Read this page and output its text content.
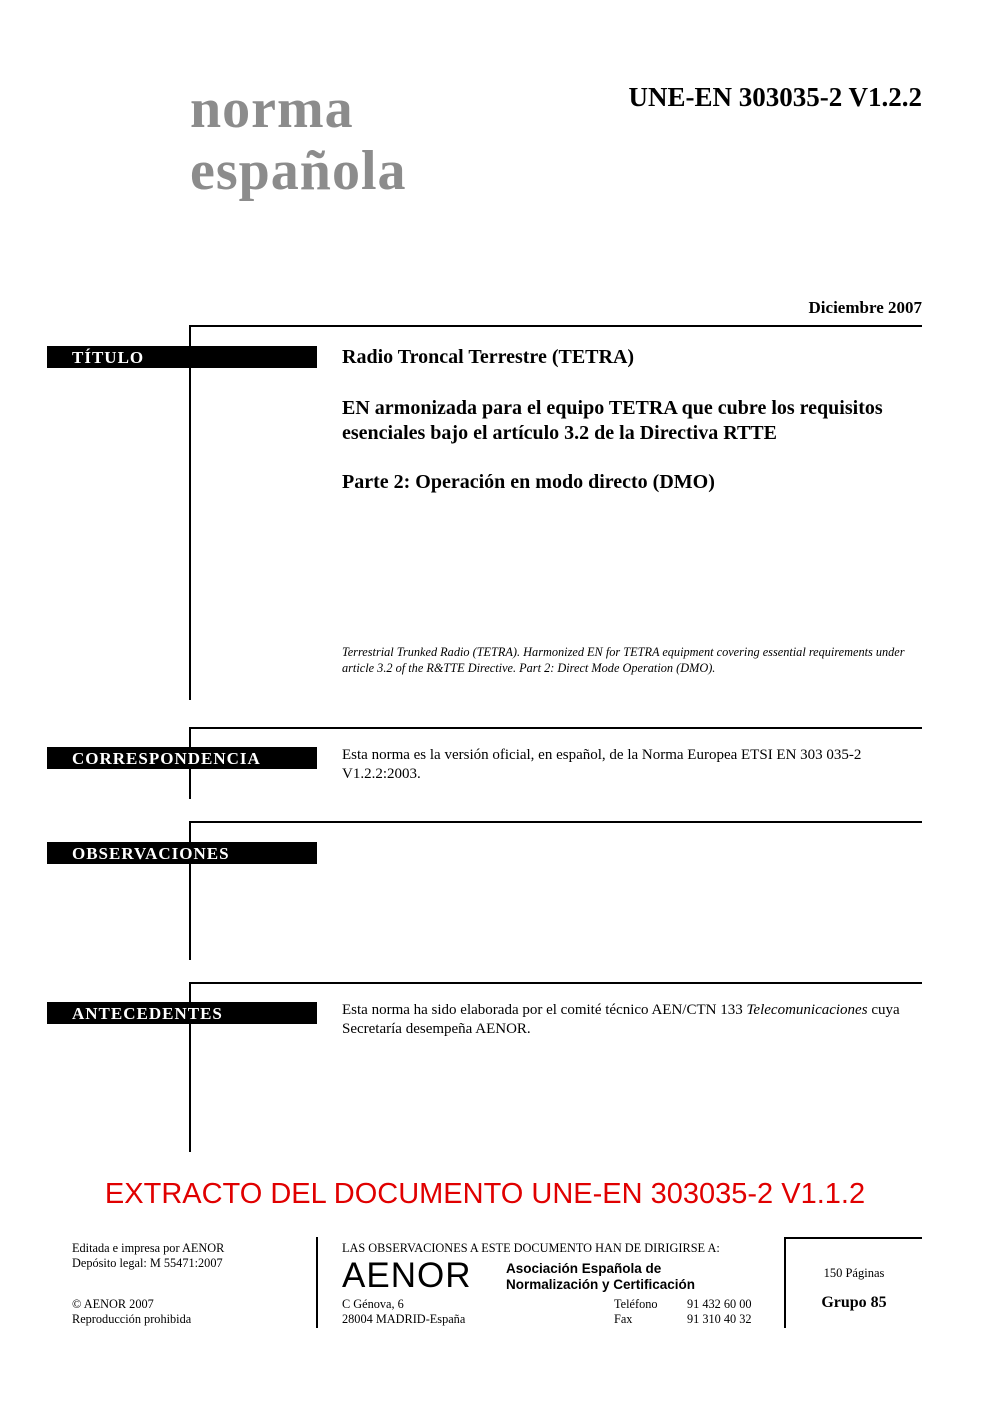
norma
española
UNE-EN 303035-2 V1.2.2
Diciembre 2007
TÍTULO	Radio Troncal Terrestre (TETRA)
EN armonizada para el equipo TETRA que cubre los requisitos esenciales bajo el artículo 3.2 de la Directiva RTTE
Parte 2: Operación en modo directo (DMO)
Terrestrial Trunked Radio (TETRA). Harmonized EN for TETRA equipment covering essential requirements under article 3.2 of the R&TTE Directive. Part 2: Direct Mode Operation (DMO).
CORRESPONDENCIA	Esta norma es la versión oficial, en español, de la Norma Europea ETSI EN 303 035-2 V1.2.2:2003.
OBSERVACIONES
ANTECEDENTES	Esta norma ha sido elaborada por el comité técnico AEN/CTN 133 Telecomunicaciones cuya Secretaría desempeña AENOR.
EXTRACTO DEL DOCUMENTO UNE-EN 303035-2 V1.1.2
Editada e impresa por AENOR
Depósito legal: M 55471:2007
© AENOR 2007
Reproducción prohibida
LAS OBSERVACIONES A ESTE DOCUMENTO HAN DE DIRIGIRSE A:
AENOR	Asociación Española de
Normalización y Certificación
C Génova, 6
28004 MADRID-España
Teléfono 91 432 60 00
Fax	91 310 40 32
150 Páginas
Grupo 85
